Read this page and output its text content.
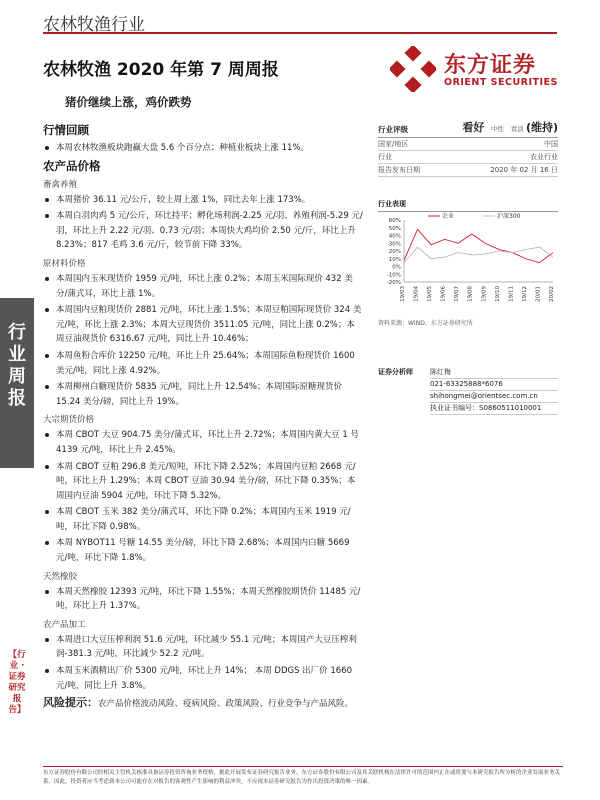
农林牧渔行业
农林牧渔 2020 年第 7 周周报
猪价继续上涨，鸡价跌势
东方证券
ORIENT SECURITIES
行情回顾
本周农林牧渔板块跑赢大盘 5.6 个百分点；种植业板块上涨 11%。
农产品价格
畜禽养殖
本周猪价 36.11 元/公斤，较上周上涨 1%，同比去年上涨 173%。
本周白羽肉鸡 5 元/公斤，环比持平；孵化场利润-2.25 元/羽、养殖利润-5.29 元/羽，环比上升 2.22 元/羽、0.73 元/羽；本周快大鸡均价 2.50 元/斤，环比上升 8.23%；817 毛鸡 3.6 元/斤，较节前下降 33%。
原材料价格
本周国内玉米现货价 1959 元/吨，环比上涨 0.2%；本周玉米国际现价 432 美分/蒲式耳，环比上涨 1%。
本周国内豆粕现货价 2881 元/吨，环比上涨 1.5%；本周豆粕国际现货价 324 美元/吨，环比上涨 2.3%；本周大豆现货价 3511.05 元/吨，同比上涨 0.2%；本周豆油现货价 6316.67 元/吨，同比上升 10.46%；
本周鱼粉合库价 12250 元/吨，环比上升 25.64%；本周国际鱼粉现货价 1600 美元/吨，同比上涨 4.92%。
本周柳州白糖现货价 5835 元/吨，同比上升 12.54%；本周国际原糖现货价 15.24 美分/磅，同比上升 19%。
大宗期货价格
本周 CBOT 大豆 904.75 美分/蒲式耳，环比上升 2.72%；本周国内黄大豆 1 号 4139 元/吨，环比上升 2.45%。
本周 CBOT 豆粕 296.8 美元/短吨，环比下降 2.52%；本周国内豆粕 2668 元/吨，环比上升 1.29%；本周 CBOT 豆油 30.94 美分/磅，环比下降 0.35%；本周国内豆油 5904 元/吨，环比下降 5.32%。
本周 CBOT 玉米 382 美分/蒲式耳，环比下降 0.2%；本周国内玉米 1919 元/吨，环比下降 0.98%。
本周 NYBOT11 号糖 14.55 美分/磅，环比下降 2.68%；本周国内白糖 5669 元/吨，环比下降 1.8%。
天然橡胶
本周天然橡胶 12393 元/吨，环比下降 1.55%；本周天然橡胶期货价 11485 元/吨，环比上升 1.37%。
农产品加工
本周进口大豆压榨利润 51.6 元/吨，环比减少 55.1 元/吨；本周国产大豆压榨利润-381.3 元/吨，环比减少 52.2 元/吨。
本周玉米酒精出厂价 5300 元/吨，环比上升 14%； 本周 DDGS 出厂价 1660 元/吨，同比上升 3.8%。
行业评级	看好 中性 看淡 (维持)
国家/地区	中国
行业	农业行业
报告发布日期	2020 年 02 月 16 日
行业表现
60%
50%
40%
30%
20%
10%
0%
-10%
-20%
19/03 19/04 19/05 19/06 19/07 19/08 19/09 19/10 19/11 19/12 20/01 20/02
农业	沪深300
资料来源：WIND、东方证券研究所
证券分析师	陈红梅
021-63325888*6076
shihongmei@orientsec.com.cn
执业证书编号：S0860511010001
行业周报
【行业 · 证券研究报告】
风险提示：农产品价格波动风险、疫病风险、政策风险、行业竞争与产品风险。
东方证券股份有限公司经相关主管机关核准具备证券投资咨询业务资格，据此开展发布证券研究报告业务。东方证券股份有限公司及其关联机构在法律许可的范围内正在或将要与本研究报告所分析的企业发展业务关系。因此，投资者应当考虑到本公司可能存在对报告的客观性产生影响的利益冲突，不应视本证券研究报告为作出投资决策的唯一因素。
